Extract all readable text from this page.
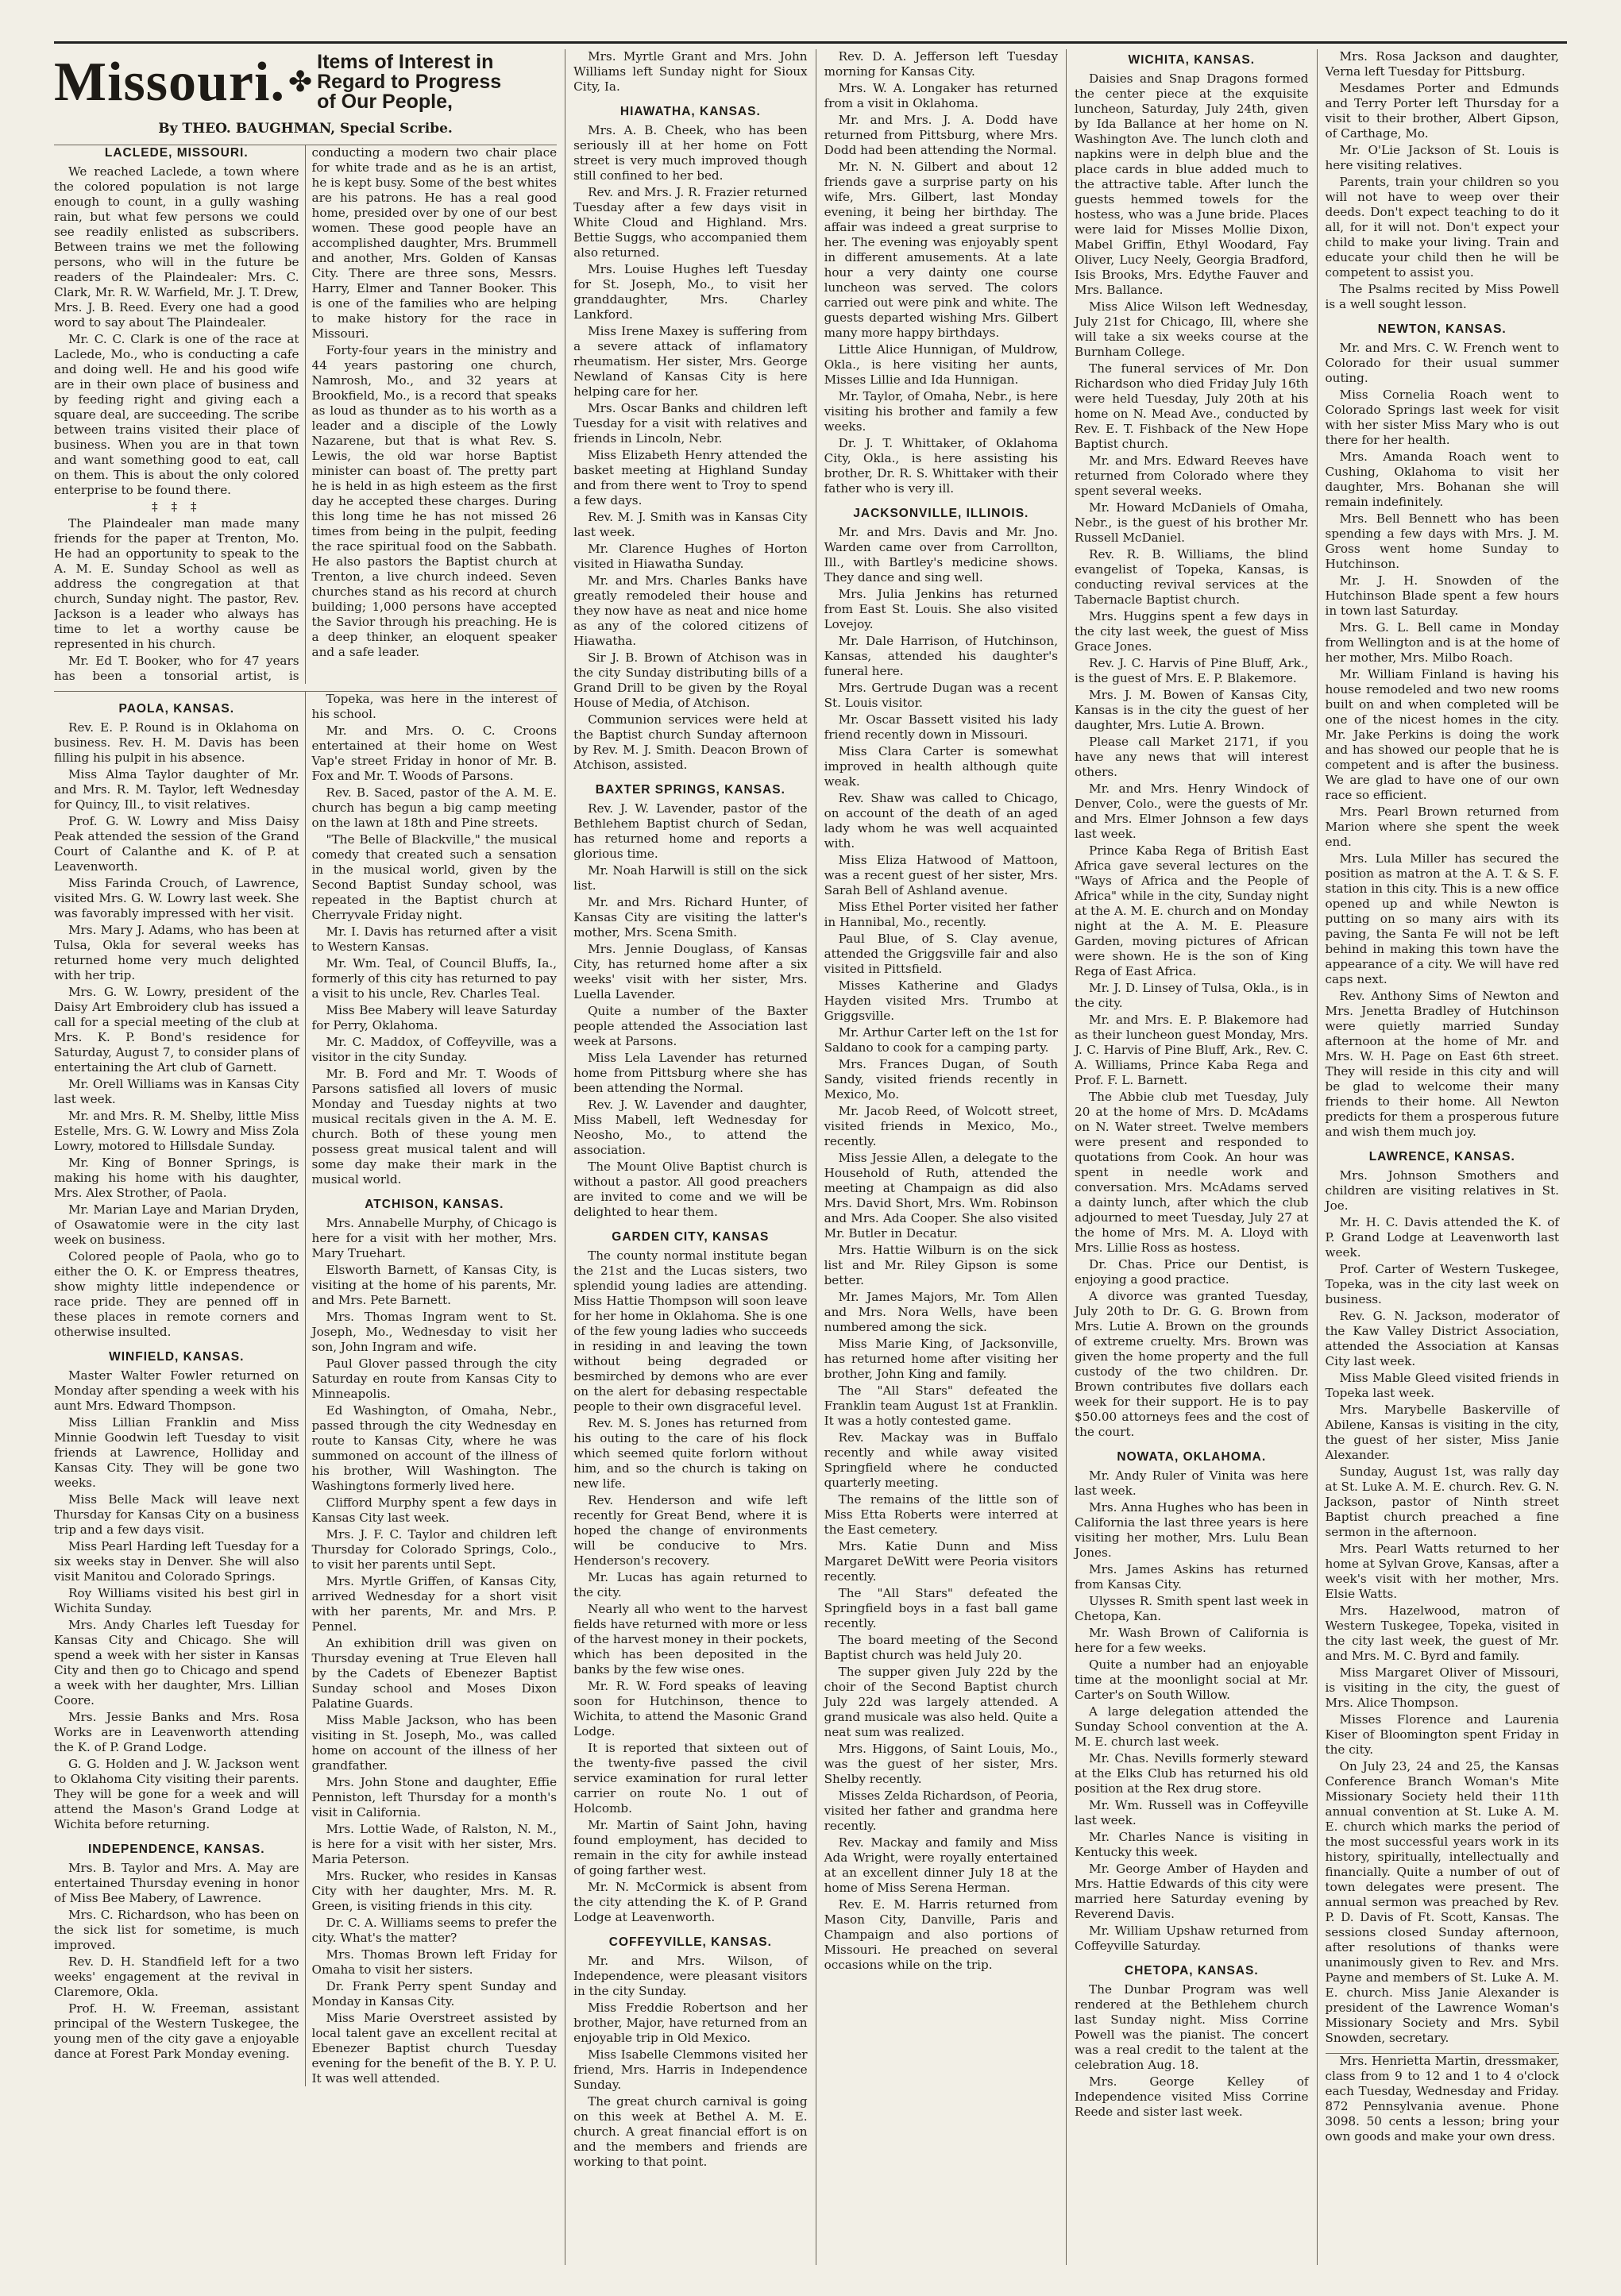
Missouri. ✤
Items of Interest in
Regard to Progress
of Our People,
By THEO. BAUGHMAN, Special Scribe.
LACLEDE, MISSOURI.

We reached Laclede, a town where the colored population is not large enough to count, in a gully washing rain, but what few persons we could see readily enlisted as subscribers. Between trains we met the following persons, who will in the future be readers of the Plaindealer: Mrs. C. Clark, Mr. R. W. Warfield, Mr. J. T. Drew, Mrs. J. B. Reed. Every one had a good word to say about The Plaindealer.

Mr. C. C. Clark is one of the race at Laclede, Mo., who is conducting a cafe and doing well. He and his good wife are in their own place of business and by feeding right and giving each a square deal, are succeeding. The scribe between trains visited their place of business. When you are in that town and want something good to eat, call on them. This is about the only colored enterprise to be found there.

‡ ‡ ‡

The Plaindealer man made many friends for the paper at Trenton, Mo. He had an opportunity to speak to the A. M. E. Sunday School as well as address the congregation at that church, Sunday night. The pastor, Rev. Jackson is a leader who always has time to let a worthy cause be represented in his church.

Mr. Ed T. Booker, who for 47 years has been a tonsorial artist, is conducting a modern two chair place for white trade and as he is an artist, he is kept busy. Some of the best whites are his patrons. He has a real good home, presided over by one of our best women. These good people have an accomplished daughter, Mrs. Brummell and another, Mrs. Golden of Kansas City. There are three sons, Messrs. Harry, Elmer and Tanner Booker. This is one of the families who are helping to make history for the race in Missouri.

Forty-four years in the ministry and 44 years pastoring one church, Namrosh, Mo., and 32 years at Brookfield, Mo., is a record that speaks as loud as thunder as to his worth as a leader and a disciple of the Lowly Nazarene, but that is what Rev. S. Lewis, the old war horse Baptist minister can boast of. The pretty part he is held in as high esteem as the first day he accepted these charges. During this long time he has not missed 26 times from being in the pulpit, feeding the race spiritual food on the Sabbath. He also pastors the Baptist church at Trenton, a live church indeed. Seven churches stand as his record at church building; 1,000 persons have accepted the Savior through his preaching. He is a deep thinker, an eloquent speaker and a safe leader.

PAOLA, KANSAS.

Rev. E. P. Round is in Oklahoma on business. Rev. H. M. Davis has been filling his pulpit in his absence.

Miss Alma Taylor daughter of Mr. and Mrs. R. M. Taylor, left Wednesday for Quincy, Ill., to visit relatives.

Prof. G. W. Lowry and Miss Daisy Peak attended the session of the Grand Court of Calanthe and K. of P. at Leavenworth.

Miss Farinda Crouch, of Lawrence, visited Mrs. G. W. Lowry last week. She was favorably impressed with her visit.

Mrs. Mary J. Adams, who has been at Tulsa, Okla for several weeks has returned home very much delighted with her trip.

Mrs. G. W. Lowry, president of the Daisy Art Embroidery club has issued a call for a special meeting of the club at Mrs. K. P. Bond's residence for Saturday, August 7, to consider plans of entertaining the Art club of Garnett.

Mr. Orell Williams was in Kansas City last week.

Mr. and Mrs. R. M. Shelby, little Miss Estelle, Mrs. G. W. Lowry and Miss Zola Lowry, motored to Hillsdale Sunday.

Mr. King of Bonner Springs, is making his home with his daughter, Mrs. Alex Strother, of Paola.

Mr. Marian Laye and Marian Dryden, of Osawatomie were in the city last week on business.

Colored people of Paola, who go to either the O. K. or Empress theatres, show mighty little independence or race pride. They are penned off in these places in remote corners and otherwise insulted.

WINFIELD, KANSAS.

Master Walter Fowler returned on Monday after spending a week with his aunt Mrs. Edward Thompson.

Miss Lillian Franklin and Miss Minnie Goodwin left Tuesday to visit friends at Lawrence, Holliday and Kansas City. They will be gone two weeks.

Miss Belle Mack will leave next Thursday for Kansas City on a business trip and a few days visit.

Miss Pearl Harding left Tuesday for a six weeks stay in Denver. She will also visit Manitou and Colorado Springs.

Roy Williams visited his best girl in Wichita Sunday.

Mrs. Andy Charles left Tuesday for Kansas City and Chicago. She will spend a week with her sister in Kansas City and then go to Chicago and spend a week with her daughter, Mrs. Lillian Coore.

Mrs. Jessie Banks and Mrs. Rosa Works are in Leavenworth attending the K. of P. Grand Lodge.

G. G. Holden and J. W. Jackson went to Oklahoma City visiting their parents. They will be gone for a week and will attend the Mason's Grand Lodge at Wichita before returning.

INDEPENDENCE, KANSAS.

Mrs. B. Taylor and Mrs. A. May are entertained Thursday evening in honor of Miss Bee Mabery, of Lawrence.

Mrs. C. Richardson, who has been on the sick list for sometime, is much improved.

Rev. D. H. Standfield left for a two weeks' engagement at the revival in Claremore, Okla.

Prof. H. W. Freeman, assistant principal of the Western Tuskegee, the young men of the city gave a enjoyable dance at Forest Park Monday evening.

Topeka, was here in the interest of his school.

Mr. and Mrs. O. C. Croons entertained at their home on West Vap'e street Friday in honor of Mr. B. Fox and Mr. T. Woods of Parsons.

Rev. B. Saced, pastor of the A. M. E. church has begun a big camp meeting on the lawn at 18th and Pine streets.

"The Belle of Blackville," the musical comedy that created such a sensation in the musical world, given by the Second Baptist Sunday school, was repeated in the Baptist church at Cherryvale Friday night.

Mr. I. Davis has returned after a visit to Western Kansas.

Mr. Wm. Teal, of Council Bluffs, Ia., formerly of this city has returned to pay a visit to his uncle, Rev. Charles Teal.

Miss Bee Mabery will leave Saturday for Perry, Oklahoma.

Mr. C. Maddox, of Coffeyville, was a visitor in the city Sunday.

Mr. B. Ford and Mr. T. Woods of Parsons satisfied all lovers of music Monday and Tuesday nights at two musical recitals given in the A. M. E. church. Both of these young men possess great musical talent and will some day make their mark in the musical world.

ATCHISON, KANSAS.

Mrs. Annabelle Murphy, of Chicago is here for a visit with her mother, Mrs. Mary Truehart.

Elsworth Barnett, of Kansas City, is visiting at the home of his parents, Mr. and Mrs. Pete Barnett.

Mrs. Thomas Ingram went to St. Joseph, Mo., Wednesday to visit her son, John Ingram and wife.

Paul Glover passed through the city Saturday en route from Kansas City to Minneapolis.

Ed Washington, of Omaha, Nebr., passed through the city Wednesday en route to Kansas City, where he was summoned on account of the illness of his brother, Will Washington. The Washingtons formerly lived here.

Clifford Murphy spent a few days in Kansas City last week.

Mrs. J. F. C. Taylor and children left Thursday for Colorado Springs, Colo., to visit her parents until Sept.

Mrs. Myrtle Griffen, of Kansas City, arrived Wednesday for a short visit with her parents, Mr. and Mrs. P. Pennel.

An exhibition drill was given on Thursday evening at True Eleven hall by the Cadets of Ebenezer Baptist Sunday school and Moses Dixon Palatine Guards.

Miss Mable Jackson, who has been visiting in St. Joseph, Mo., was called home on account of the illness of her grandfather.

Mrs. John Stone and daughter, Effie Penniston, left Thursday for a month's visit in California.

Mrs. Lottie Wade, of Ralston, N. M., is here for a visit with her sister, Mrs. Maria Peterson.

Mrs. Rucker, who resides in Kansas City with her daughter, Mrs. M. R. Green, is visiting friends in this city.

Dr. C. A. Williams seems to prefer the city. What's the matter?

Mrs. Thomas Brown left Friday for Omaha to visit her sisters.

Dr. Frank Perry spent Sunday and Monday in Kansas City.

Miss Marie Overstreet assisted by local talent gave an excellent recital at Ebenezer Baptist church Tuesday evening for the benefit of the B. Y. P. U. It was well attended.

Mrs. Myrtle Grant and Mrs. John Williams left Sunday night for Sioux City, Ia.

HIAWATHA, KANSAS.

Mrs. A. B. Cheek, who has been seriously ill at her home on Fott street is very much improved though still confined to her bed.

Rev. and Mrs. J. R. Frazier returned Tuesday after a few days visit in White Cloud and Highland. Mrs. Bettie Suggs, who accompanied them also returned.

Mrs. Louise Hughes left Tuesday for St. Joseph, Mo., to visit her granddaughter, Mrs. Charley Lankford.

Miss Irene Maxey is suffering from a severe attack of inflamatory rheumatism. Her sister, Mrs. George Newland of Kansas City is here helping care for her.

Mrs. Oscar Banks and children left Tuesday for a visit with relatives and friends in Lincoln, Nebr.

Miss Elizabeth Henry attended the basket meeting at Highland Sunday and from there went to Troy to spend a few days.

Rev. M. J. Smith was in Kansas City last week.

Mr. Clarence Hughes of Horton visited in Hiawatha Sunday.

Mr. and Mrs. Charles Banks have greatly remodeled their house and they now have as neat and nice home as any of the colored citizens of Hiawatha.

Sir J. B. Brown of Atchison was in the city Sunday distributing bills of a Grand Drill to be given by the Royal House of Media, of Atchison.

Communion services were held at the Baptist church Sunday afternoon by Rev. M. J. Smith. Deacon Brown of Atchison, assisted.

BAXTER SPRINGS, KANSAS.

Rev. J. W. Lavender, pastor of the Bethlehem Baptist church of Sedan, has returned home and reports a glorious time.

Mr. Noah Harwill is still on the sick list.

Mr. and Mrs. Richard Hunter, of Kansas City are visiting the latter's mother, Mrs. Scena Smith.

Mrs. Jennie Douglass, of Kansas City, has returned home after a six weeks' visit with her sister, Mrs. Luella Lavender.

Quite a number of the Baxter people attended the Association last week at Parsons.

Miss Lela Lavender has returned home from Pittsburg where she has been attending the Normal.

Rev. J. W. Lavender and daughter, Miss Mabell, left Wednesday for Neosho, Mo., to attend the association.

The Mount Olive Baptist church is without a pastor. All good preachers are invited to come and we will be delighted to hear them.

GARDEN CITY, KANSAS

The county normal institute began the 21st and the Lucas sisters, two splendid young ladies are attending. Miss Hattie Thompson will soon leave for her home in Oklahoma. She is one of the few young ladies who succeeds in residing in and leaving the town without being degraded or besmirched by demons who are ever on the alert for debasing respectable people to their own disgraceful level.

Rev. M. S. Jones has returned from his outing to the care of his flock which seemed quite forlorn without him, and so the church is taking on new life.

Rev. Henderson and wife left recently for Great Bend, where it is hoped the change of environments will be conducive to Mrs. Henderson's recovery.

Mr. Lucas has again returned to the city.

Nearly all who went to the harvest fields have returned with more or less of the harvest money in their pockets, which has been deposited in the banks by the few wise ones.

Mr. R. W. Ford speaks of leaving soon for Hutchinson, thence to Wichita, to attend the Masonic Grand Lodge.

It is reported that sixteen out of the twenty-five passed the civil service examination for rural letter carrier on route No. 1 out of Holcomb.

Mr. Martin of Saint John, having found employment, has decided to remain in the city for awhile instead of going farther west.

Mr. N. McCormick is absent from the city attending the K. of P. Grand Lodge at Leavenworth.

COFFEYVILLE, KANSAS.

Mr. and Mrs. Wilson, of Independence, were pleasant visitors in the city Sunday.

Miss Freddie Robertson and her brother, Major, have returned from an enjoyable trip in Old Mexico.

Miss Isabelle Clemmons visited her friend, Mrs. Harris in Independence Sunday.

The great church carnival is going on this week at Bethel A. M. E. church. A great financial effort is on and the members and friends are working to that point.

Rev. D. A. Jefferson left Tuesday morning for Kansas City.

Mrs. W. A. Longaker has returned from a visit in Oklahoma.

Mr. and Mrs. J. A. Dodd have returned from Pittsburg, where Mrs. Dodd had been attending the Normal.

Mr. N. N. Gilbert and about 12 friends gave a surprise party on his wife, Mrs. Gilbert, last Monday evening, it being her birthday. The affair was indeed a great surprise to her. The evening was enjoyably spent in different amusements. At a late hour a very dainty one course luncheon was served. The colors carried out were pink and white. The guests departed wishing Mrs. Gilbert many more happy birthdays.

Little Alice Hunnigan, of Muldrow, Okla., is here visiting her aunts, Misses Lillie and Ida Hunnigan.

Mr. Taylor, of Omaha, Nebr., is here visiting his brother and family a few weeks.

Dr. J. T. Whittaker, of Oklahoma City, Okla., is here assisting his brother, Dr. R. S. Whittaker with their father who is very ill.

JACKSONVILLE, ILLINOIS.

Mr. and Mrs. Davis and Mr. Jno. Warden came over from Carrollton, Ill., with Bartley's medicine shows. They dance and sing well.

Mrs. Julia Jenkins has returned from East St. Louis. She also visited Lovejoy.

Mr. Dale Harrison, of Hutchinson, Kansas, attended his daughter's funeral here.

Mrs. Gertrude Dugan was a recent St. Louis visitor.

Mr. Oscar Bassett visited his lady friend recently down in Missouri.

Miss Clara Carter is somewhat improved in health although quite weak.

Rev. Shaw was called to Chicago, on account of the death of an aged lady whom he was well acquainted with.

Miss Eliza Hatwood of Mattoon, was a recent guest of her sister, Mrs. Sarah Bell of Ashland avenue.

Miss Ethel Porter visited her father in Hannibal, Mo., recently.

Paul Blue, of S. Clay avenue, attended the Griggsville fair and also visited in Pittsfield.

Misses Katherine and Gladys Hayden visited Mrs. Trumbo at Griggsville.

Mr. Arthur Carter left on the 1st for Saldano to cook for a camping party.

Mrs. Frances Dugan, of South Sandy, visited friends recently in Mexico, Mo.

Mr. Jacob Reed, of Wolcott street, visited friends in Mexico, Mo., recently.

Miss Jessie Allen, a delegate to the Household of Ruth, attended the meeting at Champaign as did also Mrs. David Short, Mrs. Wm. Robinson and Mrs. Ada Cooper. She also visited Mr. Butler in Decatur.

Mrs. Hattie Wilburn is on the sick list and Mr. Riley Gipson is some better.

Mr. James Majors, Mr. Tom Allen and Mrs. Nora Wells, have been numbered among the sick.

Miss Marie King, of Jacksonville, has returned home after visiting her brother, John King and family.

The "All Stars" defeated the Franklin team August 1st at Franklin. It was a hotly contested game.

Rev. Mackay was in Buffalo recently and while away visited Springfield where he conducted quarterly meeting.

The remains of the little son of Miss Etta Roberts were interred at the East cemetery.

Mrs. Katie Dunn and Miss Margaret DeWitt were Peoria visitors recently.

The "All Stars" defeated the Springfield boys in a fast ball game recently.

The board meeting of the Second Baptist church was held July 20.

The supper given July 22d by the choir of the Second Baptist church July 22d was largely attended. A grand musicale was also held. Quite a neat sum was realized.

Mrs. Higgons, of Saint Louis, Mo., was the guest of her sister, Mrs. Shelby recently.

Misses Zelda Richardson, of Peoria, visited her father and grandma here recently.

Rev. Mackay and family and Miss Ada Wright, were royally entertained at an excellent dinner July 18 at the home of Miss Serena Herman.

Rev. E. M. Harris returned from Mason City, Danville, Paris and Champaign and also portions of Missouri. He preached on several occasions while on the trip.

WICHITA, KANSAS.

Daisies and Snap Dragons formed the center piece at the exquisite luncheon, Saturday, July 24th, given by Ida Ballance at her home on N. Washington Ave. The lunch cloth and napkins were in delph blue and the place cards in blue added much to the attractive table. After lunch the guests hemmed towels for the hostess, who was a June bride. Places were laid for Misses Mollie Dixon, Mabel Griffin, Ethyl Woodard, Fay Oliver, Lucy Neely, Georgia Bradford, Isis Brooks, Mrs. Edythe Fauver and Mrs. Ballance.

Miss Alice Wilson left Wednesday, July 21st for Chicago, Ill, where she will take a six weeks course at the Burnham College.

The funeral services of Mr. Don Richardson who died Friday July 16th were held Tuesday, July 20th at his home on N. Mead Ave., conducted by Rev. E. T. Fishback of the New Hope Baptist church.

Mr. and Mrs. Edward Reeves have returned from Colorado where they spent several weeks.

Mr. Howard McDaniels of Omaha, Nebr., is the guest of his brother Mr. Russell McDaniel.

Rev. R. B. Williams, the blind evangelist of Topeka, Kansas, is conducting revival services at the Tabernacle Baptist church.

Mrs. Huggins spent a few days in the city last week, the guest of Miss Grace Jones.

Rev. J. C. Harvis of Pine Bluff, Ark., is the guest of Mrs. E. P. Blakemore.

Mrs. J. M. Bowen of Kansas City, Kansas is in the city the guest of her daughter, Mrs. Lutie A. Brown.

Please call Market 2171, if you have any news that will interest others.

Mr. and Mrs. Henry Windock of Denver, Colo., were the guests of Mr. and Mrs. Elmer Johnson a few days last week.

Prince Kaba Rega of British East Africa gave several lectures on the "Ways of Africa and the People of Africa" while in the city, Sunday night at the A. M. E. church and on Monday night at the A. M. E. Pleasure Garden, moving pictures of African were shown. He is the son of King Rega of East Africa.

Mr. J. D. Linsey of Tulsa, Okla., is in the city.

Mr. and Mrs. E. P. Blakemore had as their luncheon guest Monday, Mrs. J. C. Harvis of Pine Bluff, Ark., Rev. C. A. Williams, Prince Kaba Rega and Prof. F. L. Barnett.

The Abbie club met Tuesday, July 20 at the home of Mrs. D. McAdams on N. Water street. Twelve members were present and responded to quotations from Cook. An hour was spent in needle work and conversation. Mrs. McAdams served a dainty lunch, after which the club adjourned to meet Tuesday, July 27 at the home of Mrs. M. A. Lloyd with Mrs. Lillie Ross as hostess.

Dr. Chas. Price our Dentist, is enjoying a good practice.

A divorce was granted Tuesday, July 20th to Dr. G. G. Brown from Mrs. Lutie A. Brown on the grounds of extreme cruelty. Mrs. Brown was given the home property and the full custody of the two children. Dr. Brown contributes five dollars each week for their support. He is to pay $50.00 attorneys fees and the cost of the court.

NOWATA, OKLAHOMA.

Mr. Andy Ruler of Vinita was here last week.

Mrs. Anna Hughes who has been in California the last three years is here visiting her mother, Mrs. Lulu Bean Jones.

Mrs. James Askins has returned from Kansas City.

Ulysses R. Smith spent last week in Chetopa, Kan.

Mr. Wash Brown of California is here for a few weeks.

Quite a number had an enjoyable time at the moonlight social at Mr. Carter's on South Willow.

A large delegation attended the Sunday School convention at the A. M. E. church last week.

Mr. Chas. Nevills formerly steward at the Elks Club has returned his old position at the Rex drug store.

Mr. Wm. Russell was in Coffeyville last week.

Mr. Charles Nance is visiting in Kentucky this week.

Mr. George Amber of Hayden and Mrs. Hattie Edwards of this city were married here Saturday evening by Reverend Davis.

Mr. William Upshaw returned from Coffeyville Saturday.

CHETOPA, KANSAS.

The Dunbar Program was well rendered at the Bethlehem church last Sunday night. Miss Corrine Powell was the pianist. The concert was a real credit to the talent at the celebration Aug. 18.

Mrs. George Kelley of Independence visited Miss Corrine Reede and sister last week.

Mrs. Rosa Jackson and daughter, Verna left Tuesday for Pittsburg.

Mesdames Porter and Edmunds and Terry Porter left Thursday for a visit to their brother, Albert Gipson, of Carthage, Mo.

Mr. O'Lie Jackson of St. Louis is here visiting relatives.

Parents, train your children so you will not have to weep over their deeds. Don't expect teaching to do it all, for it will not. Don't expect your child to make your living. Train and educate your child then he will be competent to assist you.

The Psalms recited by Miss Powell is a well sought lesson.

NEWTON, KANSAS.

Mr. and Mrs. C. W. French went to Colorado for their usual summer outing.

Miss Cornelia Roach went to Colorado Springs last week for visit with her sister Miss Mary who is out there for her health.

Mrs. Amanda Roach went to Cushing, Oklahoma to visit her daughter, Mrs. Bohanan she will remain indefinitely.

Mrs. Bell Bennett who has been spending a few days with Mrs. J. M. Gross went home Sunday to Hutchinson.

Mr. J. H. Snowden of the Hutchinson Blade spent a few hours in town last Saturday.

Mrs. G. L. Bell came in Monday from Wellington and is at the home of her mother, Mrs. Milbo Roach.

Mr. William Finland is having his house remodeled and two new rooms built on and when completed will be one of the nicest homes in the city. Mr. Jake Perkins is doing the work and has showed our people that he is competent and is after the business. We are glad to have one of our own race so efficient.

Mrs. Pearl Brown returned from Marion where she spent the week end.

Mrs. Lula Miller has secured the position as matron at the A. T. & S. F. station in this city. This is a new office opened up and while Newton is putting on so many airs with its paving, the Santa Fe will not be left behind in making this town have the appearance of a city. We will have red caps next.

Rev. Anthony Sims of Newton and Mrs. Jenetta Bradley of Hutchinson were quietly married Sunday afternoon at the home of Mr. and Mrs. W. H. Page on East 6th street. They will reside in this city and will be glad to welcome their many friends to their home. All Newton predicts for them a prosperous future and wish them much joy.

LAWRENCE, KANSAS.

Mrs. Johnson Smothers and children are visiting relatives in St. Joe.

Mr. H. C. Davis attended the K. of P. Grand Lodge at Leavenworth last week.

Prof. Carter of Western Tuskegee, Topeka, was in the city last week on business.

Rev. G. N. Jackson, moderator of the Kaw Valley District Association, attended the Association at Kansas City last week.

Miss Mable Gleed visited friends in Topeka last week.

Mrs. Marybelle Baskerville of Abilene, Kansas is visiting in the city, the guest of her sister, Miss Janie Alexander.

Sunday, August 1st, was rally day at St. Luke A. M. E. church. Rev. G. N. Jackson, pastor of Ninth street Baptist church preached a fine sermon in the afternoon.

Mrs. Pearl Watts returned to her home at Sylvan Grove, Kansas, after a week's visit with her mother, Mrs. Elsie Watts.

Mrs. Hazelwood, matron of Western Tuskegee, Topeka, visited in the city last week, the guest of Mr. and Mrs. M. C. Byrd and family.

Miss Margaret Oliver of Missouri, is visiting in the city, the guest of Mrs. Alice Thompson.

Misses Florence and Laurenia Kiser of Bloomington spent Friday in the city.

On July 23, 24 and 25, the Kansas Conference Branch Woman's Mite Missionary Society held their 11th annual convention at St. Luke A. M. E. church which marks the period of the most successful years work in its history, spiritually, intellectually and financially. Quite a number of out of town delegates were present. The annual sermon was preached by Rev. P. D. Davis of Ft. Scott, Kansas. The sessions closed Sunday afternoon, after resolutions of thanks were unanimously given to Rev. and Mrs. Payne and members of St. Luke A. M. E. church. Miss Janie Alexander is president of the Lawrence Woman's Missionary Society and Mrs. Sybil Snowden, secretary.

Mrs. Henrietta Martin, dressmaker, class from 9 to 12 and 1 to 4 o'clock each Tuesday, Wednesday and Friday. 872 Pennsylvania avenue. Phone 3098. 50 cents a lesson; bring your own goods and make your own dress.
